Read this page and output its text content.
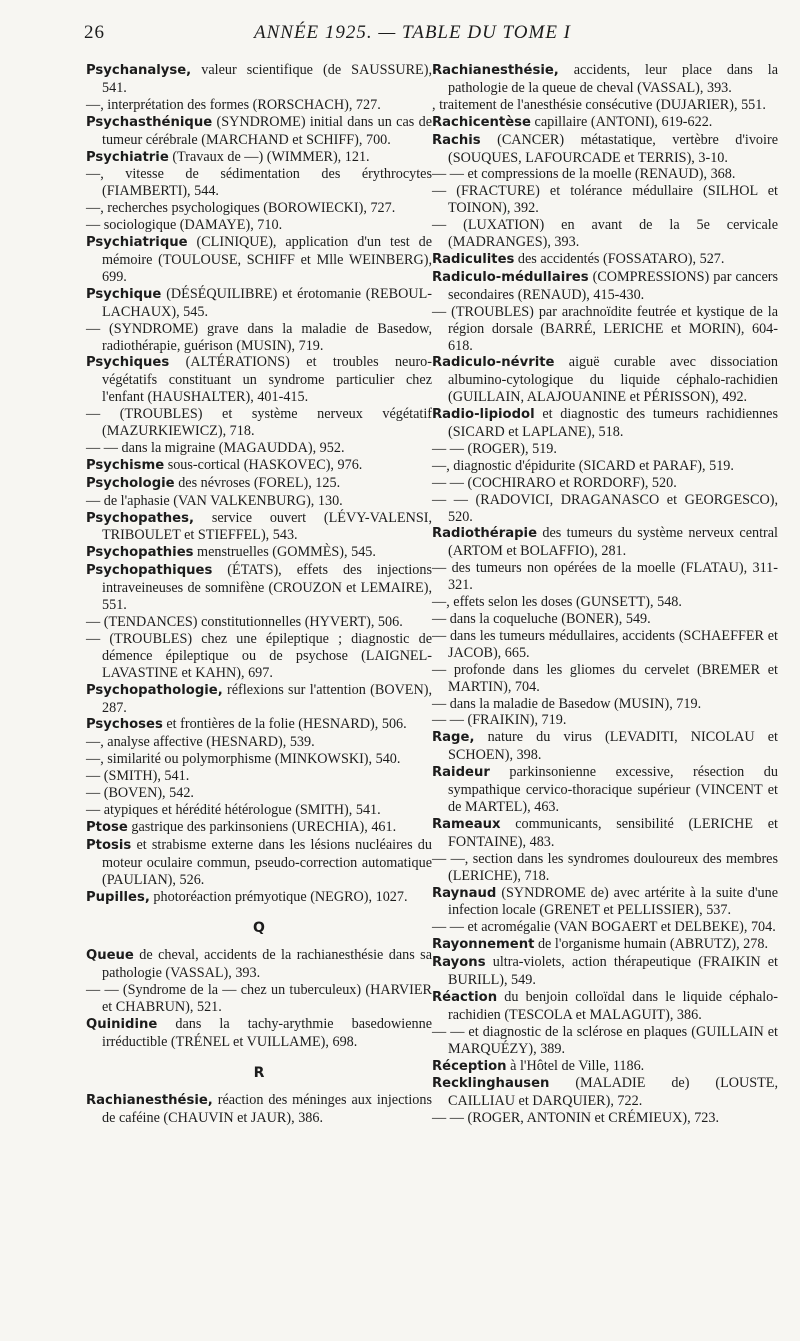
26	ANNÉE 1925. — TABLE DU TOME I

Psychanalyse, valeur scientifique (de SAUSSURE), 541.

—, interprétation des formes (RORSCHACH), 727.

Psychasthénique (SYNDROME) initial dans un cas de tumeur cérébrale (MARCHAND et SCHIFF), 700.

Psychiatrie (Travaux de —) (WIMMER), 121.

—, vitesse de sédimentation des érythrocytes (FIAMBERTI), 544.

—, recherches psychologiques (BOROWIECKI), 727.

— sociologique (DAMAYE), 710.

Psychiatrique (CLINIQUE), application d'un test de mémoire (TOULOUSE, SCHIFF et Mlle WEINBERG), 699.

Psychique (DÉSÉQUILIBRE) et érotomanie (REBOUL-LACHAUX), 545.

— (SYNDROME) grave dans la maladie de Basedow, radiothérapie, guérison (MUSIN), 719.

Psychiques (ALTÉRATIONS) et troubles neuro-végétatifs constituant un syndrome particulier chez l'enfant (HAUSHALTER), 401-415.

— (TROUBLES) et système nerveux végétatif (MAZURKIEWICZ), 718.

— — dans la migraine (MAGAUDDA), 952.

Psychisme sous-cortical (HASKOVEC), 976.

Psychologie des névroses (FOREL), 125.

— de l'aphasie (VAN VALKENBURG), 130.

Psychopathes, service ouvert (LÉVY-VALENSI, TRIBOULET et STIEFFEL), 543.

Psychopathies menstruelles (GOMMÈS), 545.

Psychopathiques (ÉTATS), effets des injections intraveineuses de somnifène (CROUZON et LEMAIRE), 551.

— (TENDANCES) constitutionnelles (HYVERT), 506.

— (TROUBLES) chez une épileptique ; diagnostic de démence épileptique ou de psychose (LAIGNEL-LAVASTINE et KAHN), 697.

Psychopathologie, réflexions sur l'attention (BOVEN), 287.

Psychoses et frontières de la folie (HESNARD), 506.

—, analyse affective (HESNARD), 539.

—, similarité ou polymorphisme (MINKOWSKI), 540.

— (SMITH), 541.

— (BOVEN), 542.

— atypiques et hérédité hétérologue (SMITH), 541.

Ptose gastrique des parkinsoniens (URECHIA), 461.

Ptosis et strabisme externe dans les lésions nucléaires du moteur oculaire commun, pseudo-correction automatique (PAULIAN), 526.

Pupilles, photoréaction prémyotique (NEGRO), 1027.

Q

Queue de cheval, accidents de la rachianesthésie dans sa pathologie (VASSAL), 393.

— — (Syndrome de la — chez un tuberculeux) (HARVIER et CHABRUN), 521.

Quinidine dans la tachy-arythmie basedowienne irréductible (TRÉNEL et VUILLAME), 698.

R

Rachianesthésie, réaction des méninges aux injections de caféine (CHAUVIN et JAUR), 386.

Rachianesthésie, accidents, leur place dans la pathologie de la queue de cheval (VASSAL), 393.

, traitement de l'anesthésie consécutive (DUJARIER), 551.

Rachicentèse capillaire (ANTONI), 619-622.

Rachis (CANCER) métastatique, vertèbre d'ivoire (SOUQUES, LAFOURCADE et TERRIS), 3-10.

— — et compressions de la moelle (RENAUD), 368.

— (FRACTURE) et tolérance médullaire (SILHOL et TOINON), 392.

— (LUXATION) en avant de la 5e cervicale (MADRANGES), 393.

Radiculites des accidentés (FOSSATARO), 527.

Radiculo-médullaires (COMPRESSIONS) par cancers secondaires (RENAUD), 415-430.

— (TROUBLES) par arachnoïdite feutrée et kystique de la région dorsale (BARRÉ, LERICHE et MORIN), 604-618.

Radiculo-névrite aiguë curable avec dissociation albumino-cytologique du liquide céphalo-rachidien (GUILLAIN, ALAJOUANINE et PÉRISSON), 492.

Radio-lipiodol et diagnostic des tumeurs rachidiennes (SICARD et LAPLANE), 518.

— — (ROGER), 519.

—, diagnostic d'épidurite (SICARD et PARAF), 519.

— — (COCHIRARO et RORDORF), 520.

— — (RADOVICI, DRAGANASCO et GEORGESCO), 520.

Radiothérapie des tumeurs du système nerveux central (ARTOM et BOLAFFIO), 281.

— des tumeurs non opérées de la moelle (FLATAU), 311-321.

—, effets selon les doses (GUNSETT), 548.

— dans la coqueluche (BONER), 549.

— dans les tumeurs médullaires, accidents (SCHAEFFER et JACOB), 665.

— profonde dans les gliomes du cervelet (BREMER et MARTIN), 704.

— dans la maladie de Basedow (MUSIN), 719.

— — (FRAIKIN), 719.

Rage, nature du virus (LEVADITI, NICOLAU et SCHOEN), 398.

Raideur parkinsonienne excessive, résection du sympathique cervico-thoracique supérieur (VINCENT et de MARTEL), 463.

Rameaux communicants, sensibilité (LERICHE et FONTAINE), 483.

— —, section dans les syndromes douloureux des membres (LERICHE), 718.

Raynaud (SYNDROME de) avec artérite à la suite d'une infection locale (GRENET et PELLISSIER), 537.

— — et acromégalie (VAN BOGAERT et DELBEKE), 704.

Rayonnement de l'organisme humain (ABRUTZ), 278.

Rayons ultra-violets, action thérapeutique (FRAIKIN et BURILL), 549.

Réaction du benjoin colloïdal dans le liquide céphalo-rachidien (TESCOLA et MALAGUIT), 386.

— — et diagnostic de la sclérose en plaques (GUILLAIN et MARQUÉZY), 389.

Réception à l'Hôtel de Ville, 1186.

Recklinghausen (MALADIE de) (LOUSTE, CAILLIAU et DARQUIER), 722.

— — (ROGER, ANTONIN et CRÉMIEUX), 723.
